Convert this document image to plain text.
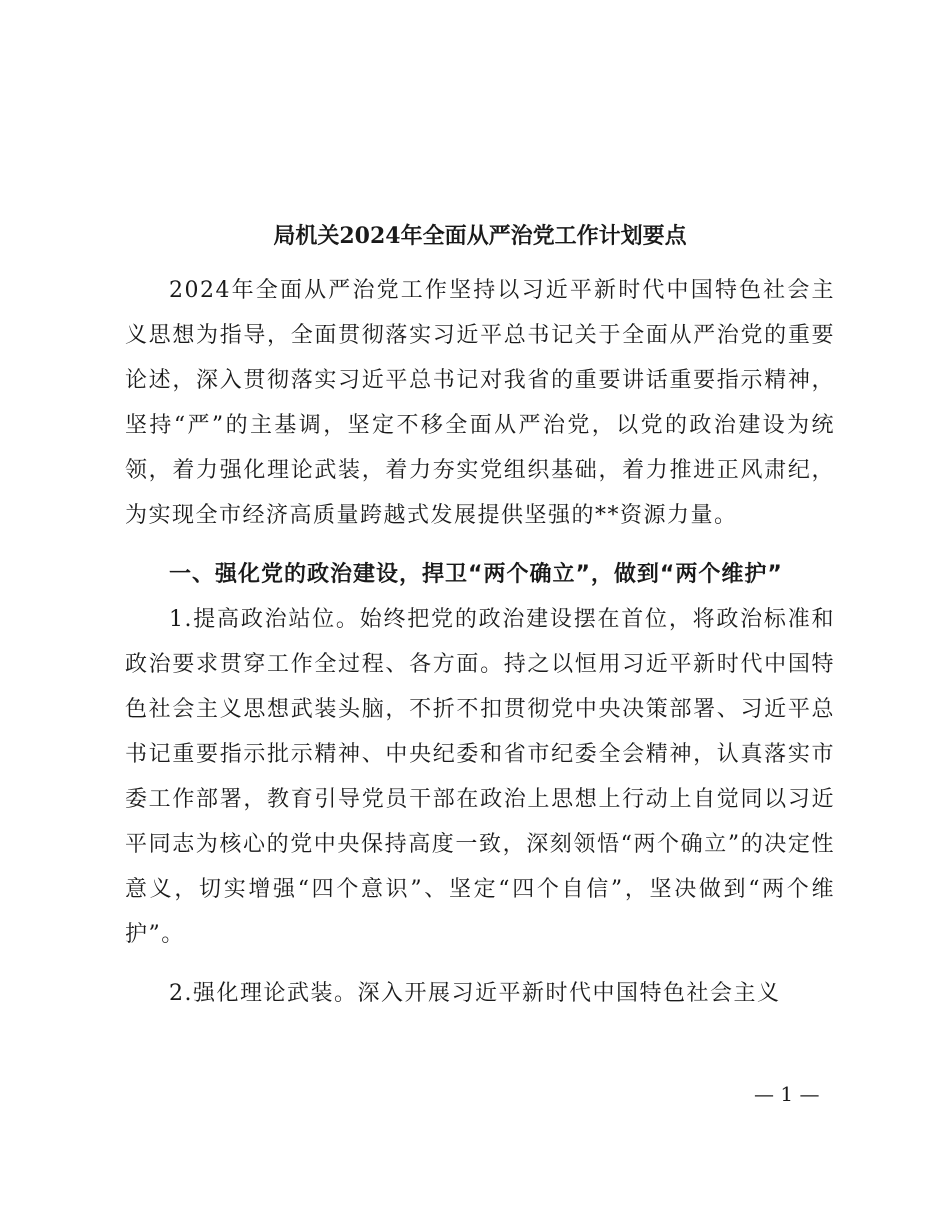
局机关2024年全面从严治党工作计划要点

2024年全面从严治党工作坚持以习近平新时代中国特色社会主义思想为指导，全面贯彻落实习近平总书记关于全面从严治党的重要论述，深入贯彻落实习近平总书记对我省的重要讲话重要指示精神，坚持“严”的主基调，坚定不移全面从严治党，以党的政治建设为统领，着力强化理论武装，着力夯实党组织基础，着力推进正风肃纪，为实现全市经济高质量跨越式发展提供坚强的**资源力量。

一、强化党的政治建设，捍卫“两个确立”，做到“两个维护”

1.提高政治站位。始终把党的政治建设摆在首位，将政治标准和政治要求贯穿工作全过程、各方面。持之以恒用习近平新时代中国特色社会主义思想武装头脑，不折不扣贯彻党中央决策部署、习近平总书记重要指示批示精神、中央纪委和省市纪委全会精神，认真落实市委工作部署，教育引导党员干部在政治上思想上行动上自觉同以习近平同志为核心的党中央保持高度一致，深刻领悟“两个确立”的决定性意义，切实增强“四个意识”、坚定“四个自信”，坚决做到“两个维护”。

2.强化理论武装。深入开展习近平新时代中国特色社会主义

— 1 —
